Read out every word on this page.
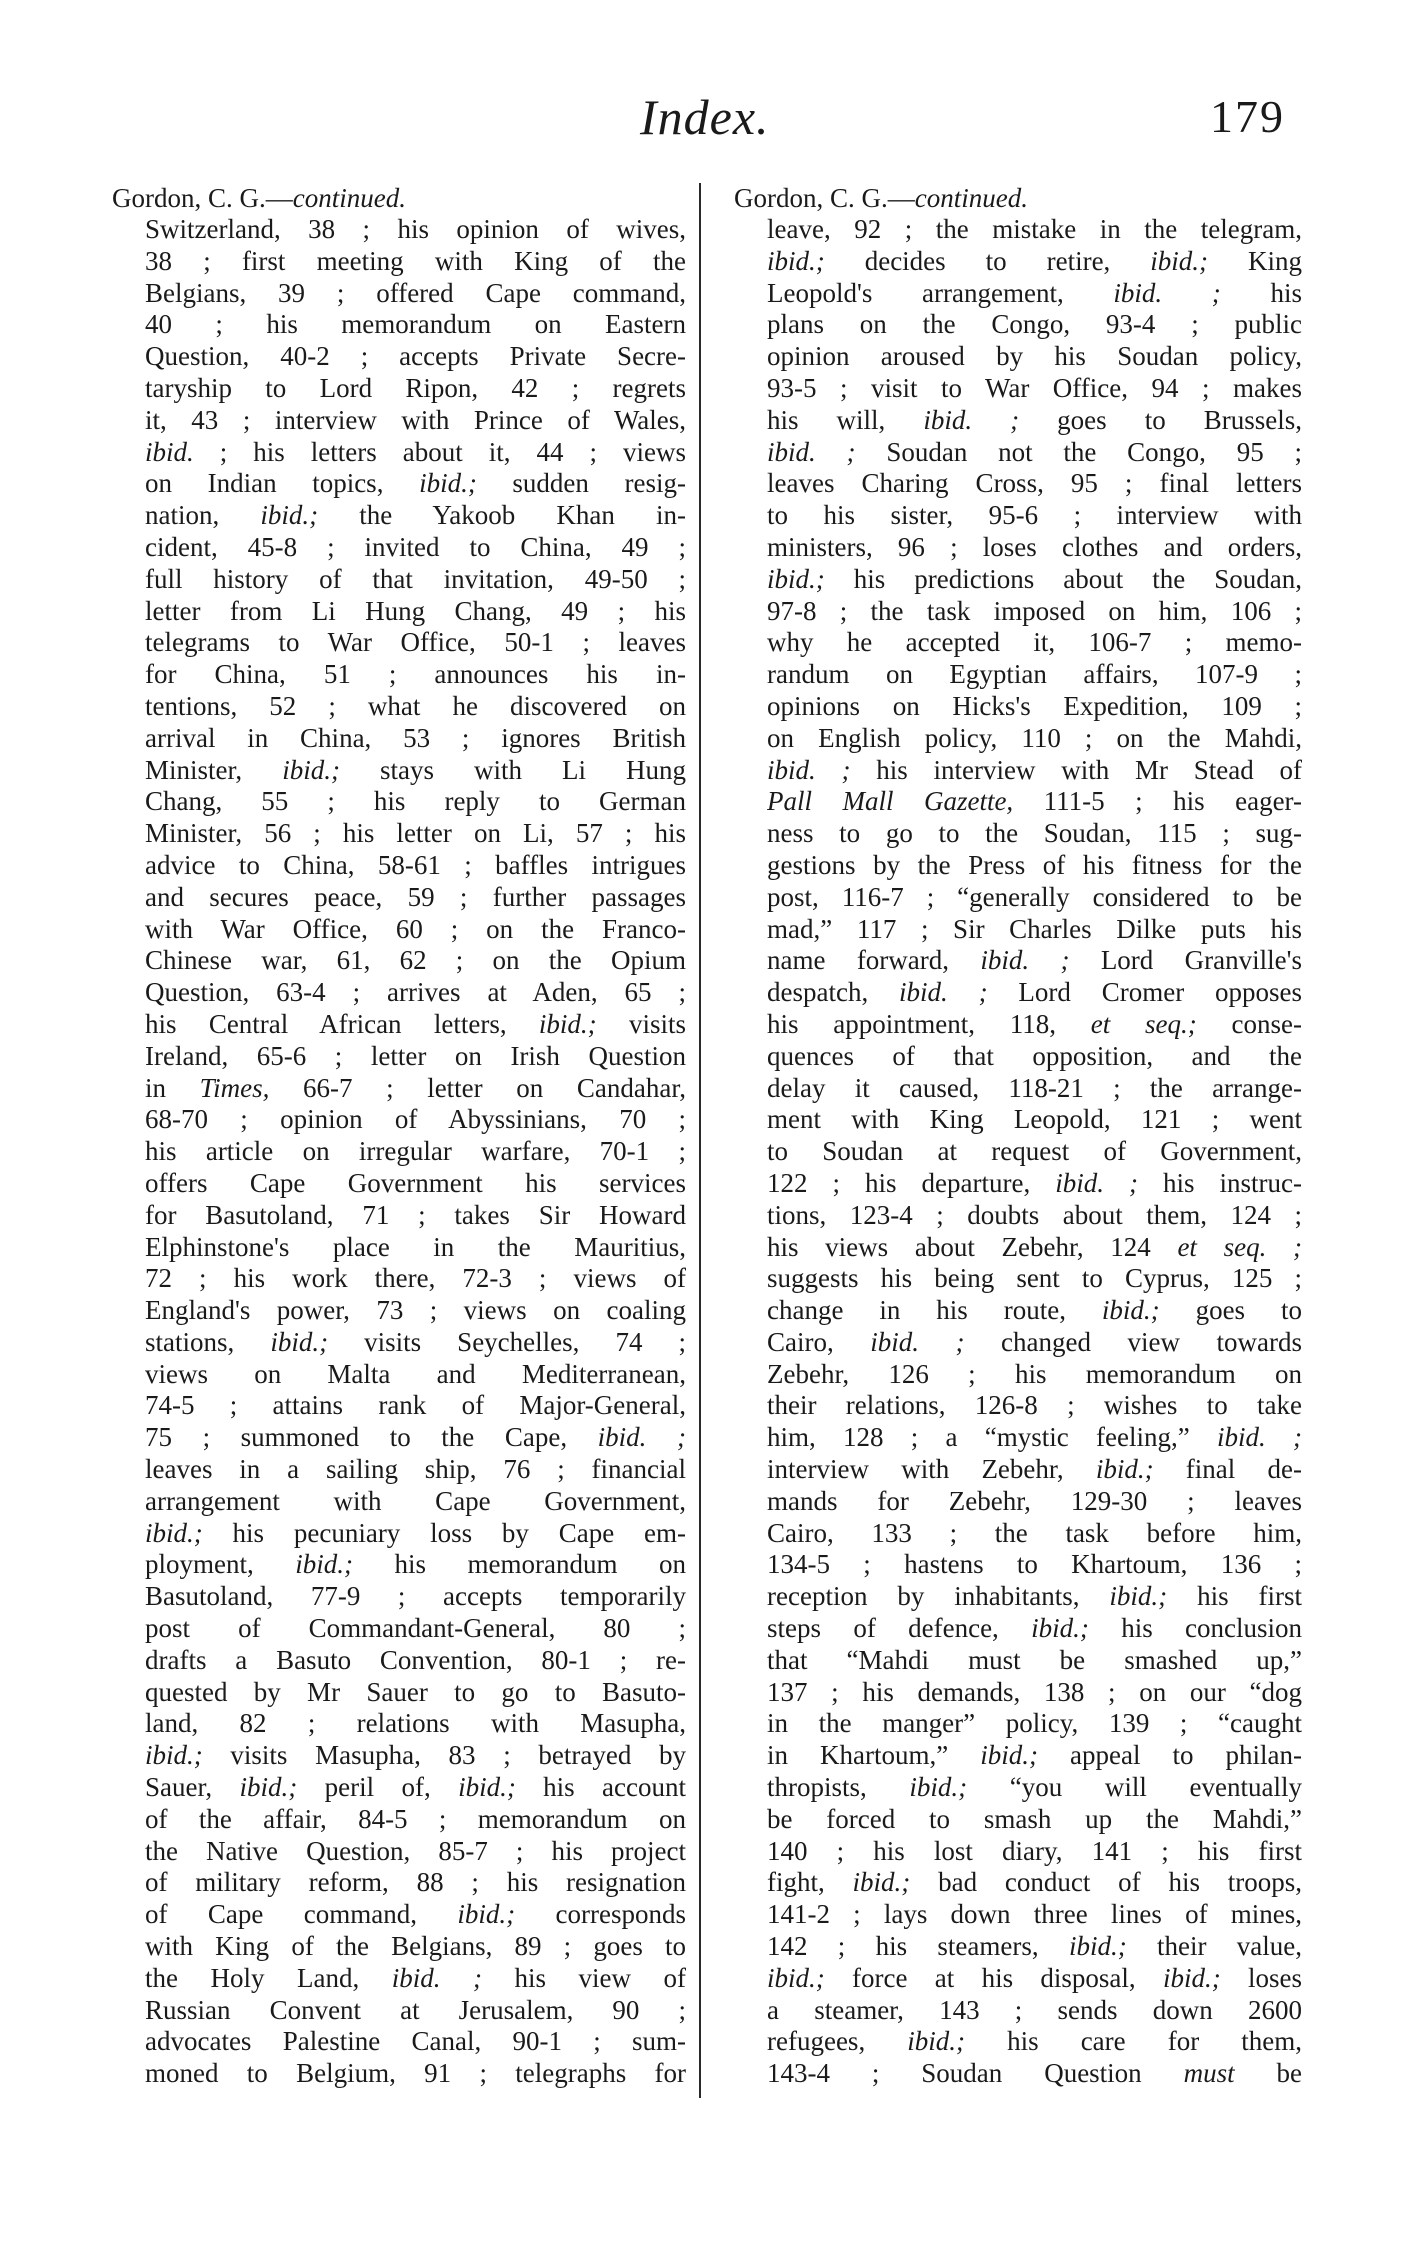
Index.	179
Gordon, C. G.—continued.
Switzerland, 38 ; his opinion of wives,
38 ; first meeting with King of the
Belgians, 39 ; offered Cape command,
40 ; his memorandum on Eastern
Question, 40-2 ; accepts Private Secre-
taryship to Lord Ripon, 42 ; regrets
it, 43 ; interview with Prince of Wales,
ibid. ; his letters about it, 44 ; views
on Indian topics, ibid.; sudden resig-
nation, ibid.; the Yakoob Khan in-
cident, 45-8 ; invited to China, 49 ;
full history of that invitation, 49-50 ;
letter from Li Hung Chang, 49 ; his
telegrams to War Office, 50-1 ; leaves
for China, 51 ; announces his in-
tentions, 52 ; what he discovered on
arrival in China, 53 ; ignores British
Minister, ibid.; stays with Li Hung
Chang, 55 ; his reply to German
Minister, 56 ; his letter on Li, 57 ; his
advice to China, 58-61 ; baffles intrigues
and secures peace, 59 ; further passages
with War Office, 60 ; on the Franco-
Chinese war, 61, 62 ; on the Opium
Question, 63-4 ; arrives at Aden, 65 ;
his Central African letters, ibid.; visits
Ireland, 65-6 ; letter on Irish Question
in Times, 66-7 ; letter on Candahar,
68-70 ; opinion of Abyssinians, 70 ;
his article on irregular warfare, 70-1 ;
offers Cape Government his services
for Basutoland, 71 ; takes Sir Howard
Elphinstone's place in the Mauritius,
72 ; his work there, 72-3 ; views of
England's power, 73 ; views on coaling
stations, ibid.; visits Seychelles, 74 ;
views on Malta and Mediterranean,
74-5 ; attains rank of Major-General,
75 ; summoned to the Cape, ibid. ;
leaves in a sailing ship, 76 ; financial
arrangement with Cape Government,
ibid.; his pecuniary loss by Cape em-
ployment, ibid.; his memorandum on
Basutoland, 77-9 ; accepts temporarily
post of Commandant-General, 80 ;
drafts a Basuto Convention, 80-1 ; re-
quested by Mr Sauer to go to Basuto-
land, 82 ; relations with Masupha,
ibid.; visits Masupha, 83 ; betrayed by
Sauer, ibid.; peril of, ibid.; his account
of the affair, 84-5 ; memorandum on
the Native Question, 85-7 ; his project
of military reform, 88 ; his resignation
of Cape command, ibid.; corresponds
with King of the Belgians, 89 ; goes to
the Holy Land, ibid. ; his view of
Russian Convent at Jerusalem, 90 ;
advocates Palestine Canal, 90-1 ; sum-
moned to Belgium, 91 ; telegraphs for
Gordon, C. G.—continued.
leave, 92 ; the mistake in the telegram,
ibid.; decides to retire, ibid.; King
Leopold's arrangement, ibid. ; his
plans on the Congo, 93-4 ; public
opinion aroused by his Soudan policy,
93-5 ; visit to War Office, 94 ; makes
his will, ibid. ; goes to Brussels,
ibid. ; Soudan not the Congo, 95 ;
leaves Charing Cross, 95 ; final letters
to his sister, 95-6 ; interview with
ministers, 96 ; loses clothes and orders,
ibid.; his predictions about the Soudan,
97-8 ; the task imposed on him, 106 ;
why he accepted it, 106-7 ; memo-
randum on Egyptian affairs, 107-9 ;
opinions on Hicks's Expedition, 109 ;
on English policy, 110 ; on the Mahdi,
ibid. ; his interview with Mr Stead of
Pall Mall Gazette, 111-5 ; his eager-
ness to go to the Soudan, 115 ; sug-
gestions by the Press of his fitness for the
post, 116-7 ; “generally considered to be
mad,” 117 ; Sir Charles Dilke puts his
name forward, ibid. ; Lord Granville's
despatch, ibid. ; Lord Cromer opposes
his appointment, 118, et seq.; conse-
quences of that opposition, and the
delay it caused, 118-21 ; the arrange-
ment with King Leopold, 121 ; went
to Soudan at request of Government,
122 ; his departure, ibid. ; his instruc-
tions, 123-4 ; doubts about them, 124 ;
his views about Zebehr, 124 et seq. ;
suggests his being sent to Cyprus, 125 ;
change in his route, ibid.; goes to
Cairo, ibid. ; changed view towards
Zebehr, 126 ; his memorandum on
their relations, 126-8 ; wishes to take
him, 128 ; a “mystic feeling,” ibid. ;
interview with Zebehr, ibid.; final de-
mands for Zebehr, 129-30 ; leaves
Cairo, 133 ; the task before him,
134-5 ; hastens to Khartoum, 136 ;
reception by inhabitants, ibid.; his first
steps of defence, ibid.; his conclusion
that “Mahdi must be smashed up,”
137 ; his demands, 138 ; on our “dog
in the manger” policy, 139 ; “caught
in Khartoum,” ibid.; appeal to philan-
thropists, ibid.; “you will eventually
be forced to smash up the Mahdi,”
140 ; his lost diary, 141 ; his first
fight, ibid.; bad conduct of his troops,
141-2 ; lays down three lines of mines,
142 ; his steamers, ibid.; their value,
ibid.; force at his disposal, ibid.; loses
a steamer, 143 ; sends down 2600
refugees, ibid.; his care for them,
143-4 ; Soudan Question must be
